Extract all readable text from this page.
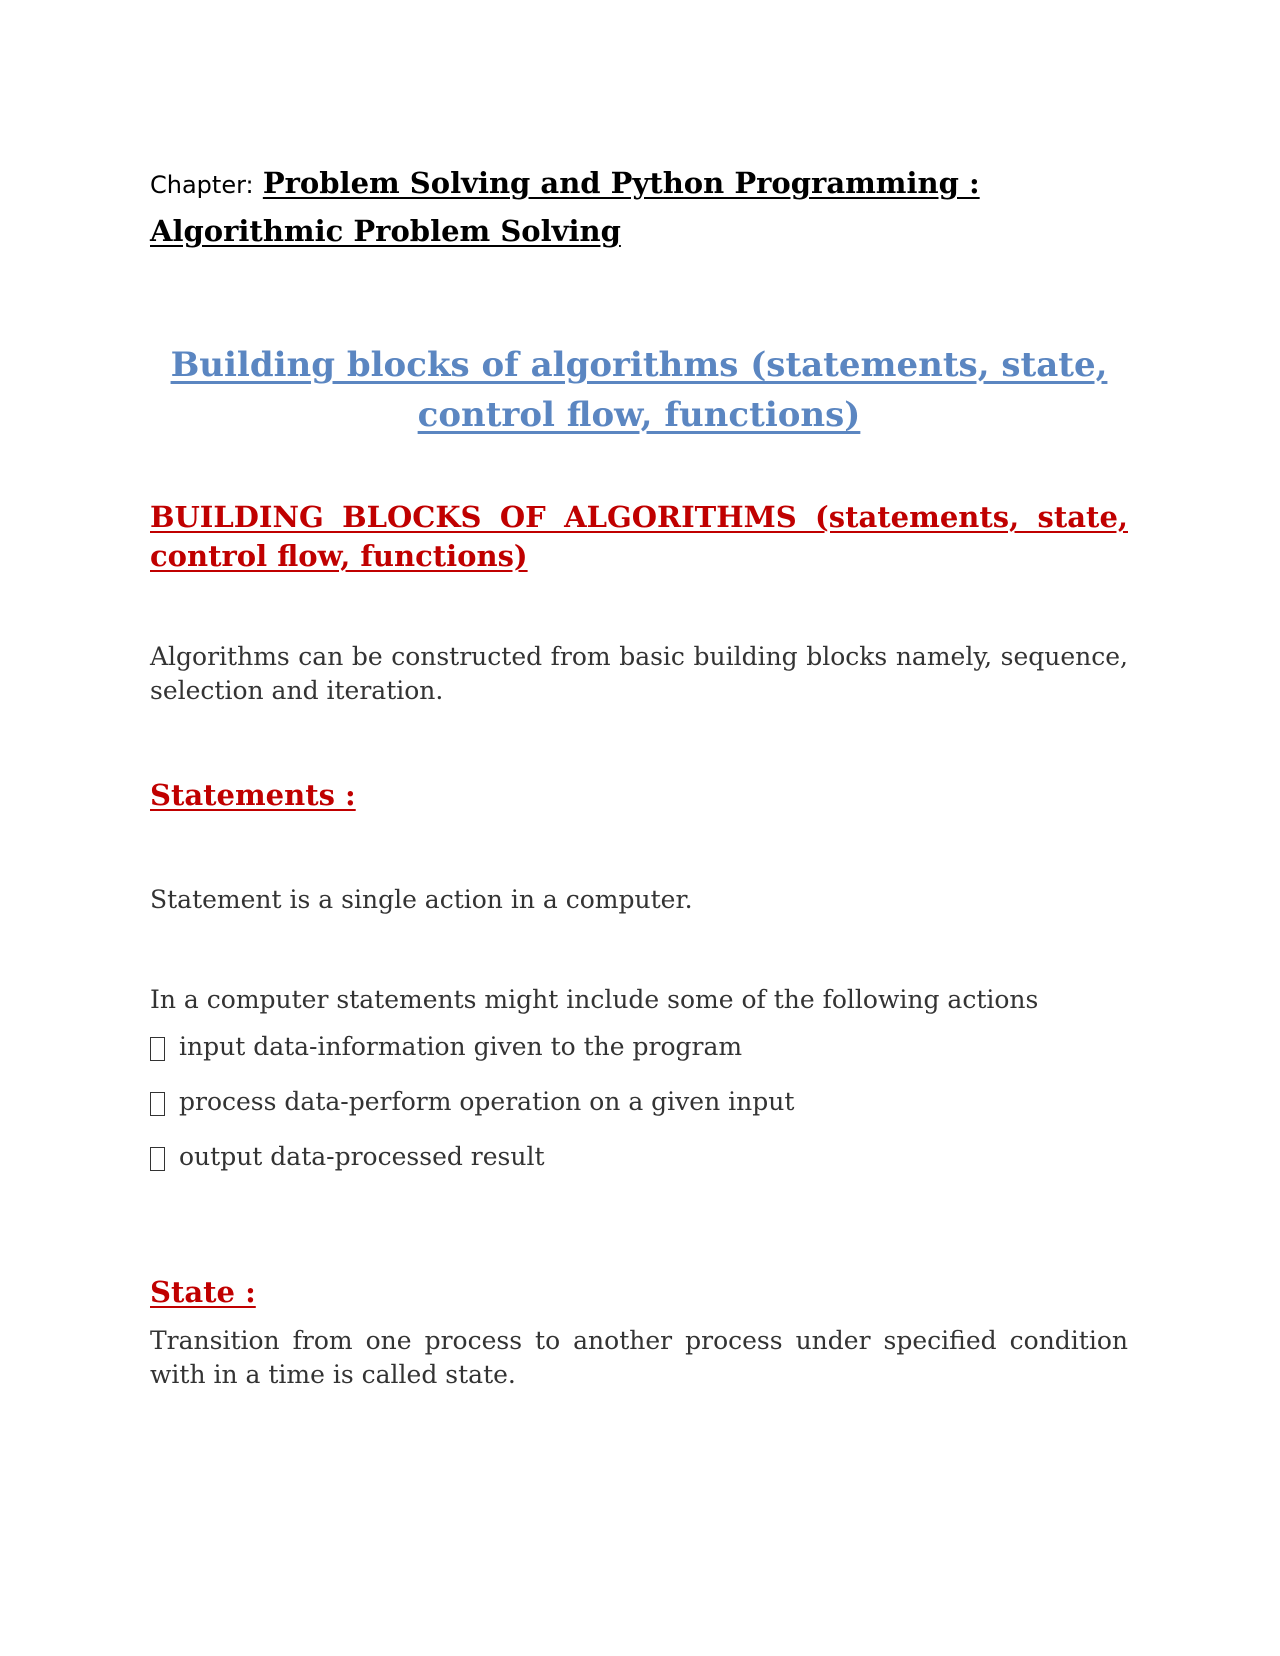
Chapter: Problem Solving and Python Programming : Algorithmic Problem Solving
Building blocks of algorithms (statements, state, control flow, functions)
BUILDING BLOCKS OF ALGORITHMS (statements, state, control flow, functions)
Algorithms can be constructed from basic building blocks namely, sequence, selection and iteration.
Statements :
Statement is a single action in a computer.
In a computer statements might include some of the following actions
input data-information given to the program
process data-perform operation on a given input
output data-processed result
State :
Transition from one process to another process under specified condition with in a time is called state.
